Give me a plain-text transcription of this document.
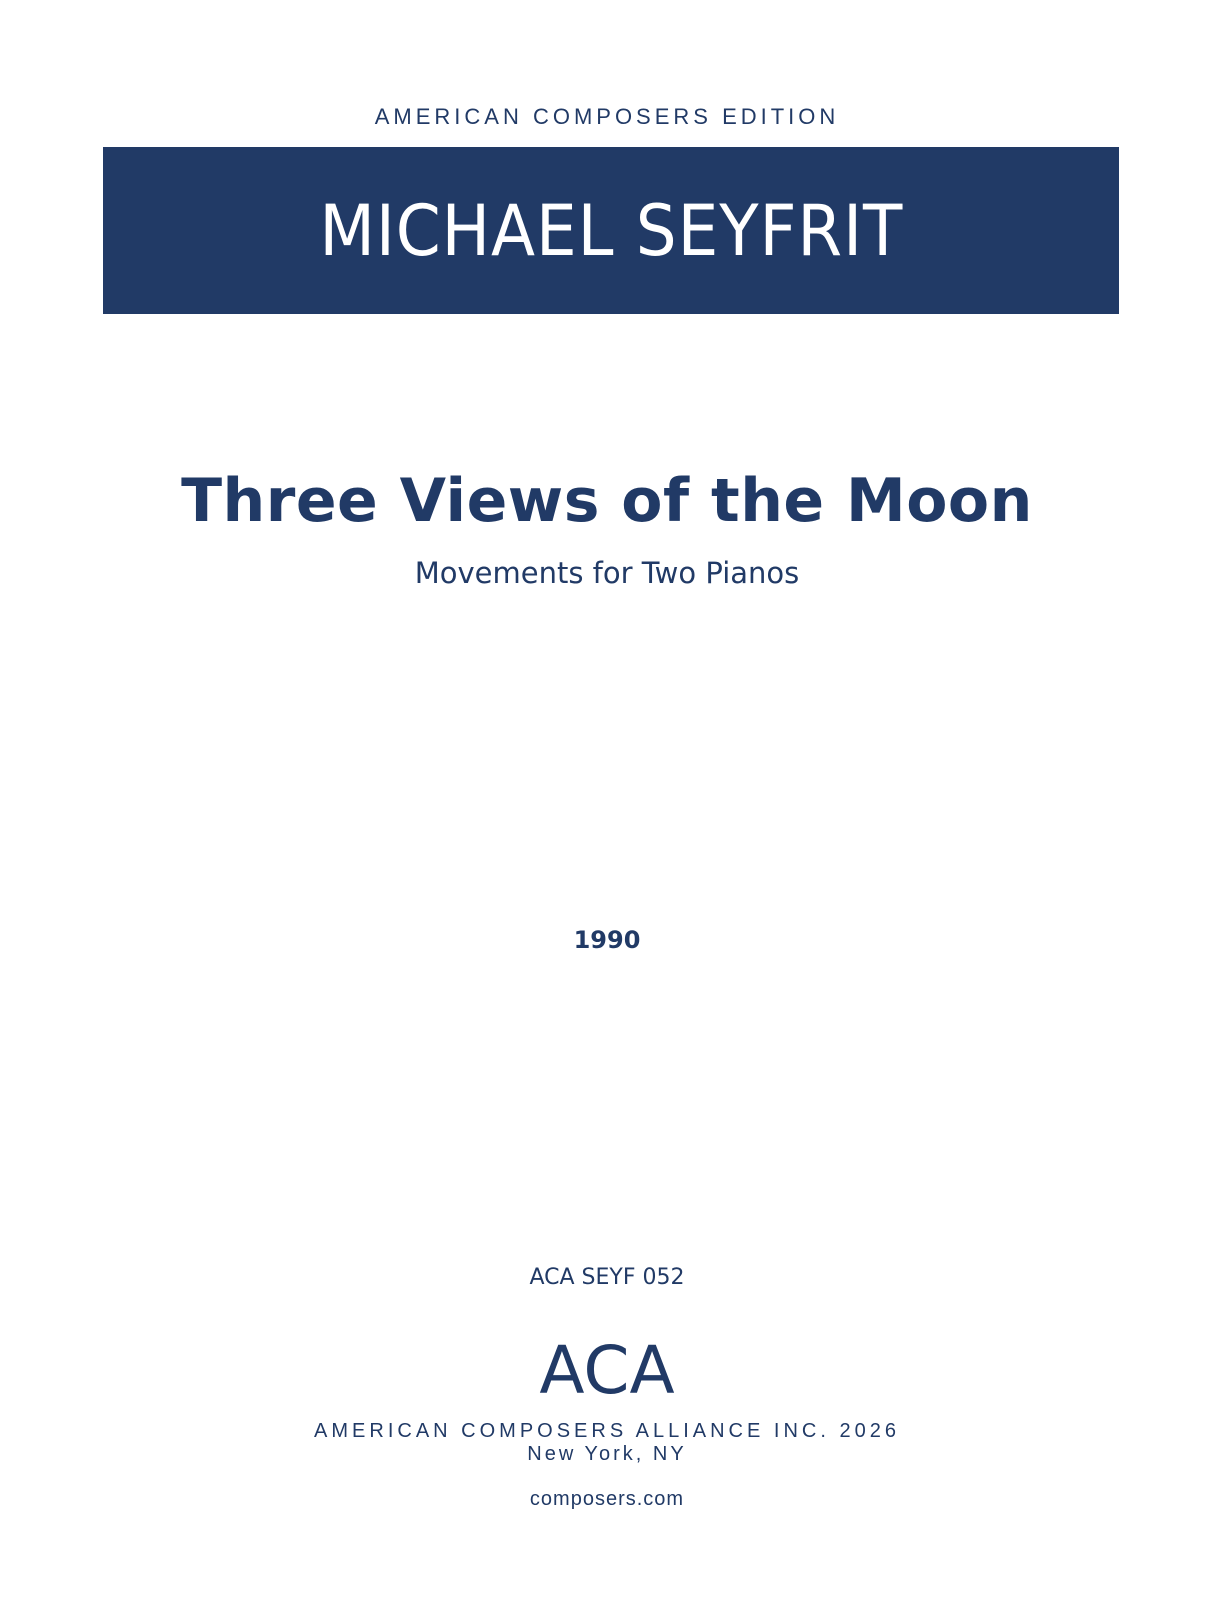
AMERICAN COMPOSERS EDITION
MICHAEL SEYFRIT
Three Views of the Moon
Movements for Two Pianos
1990
ACA SEYF 052
ACA
AMERICAN COMPOSERS ALLIANCE INC. 2026
New York, NY
composers.com
